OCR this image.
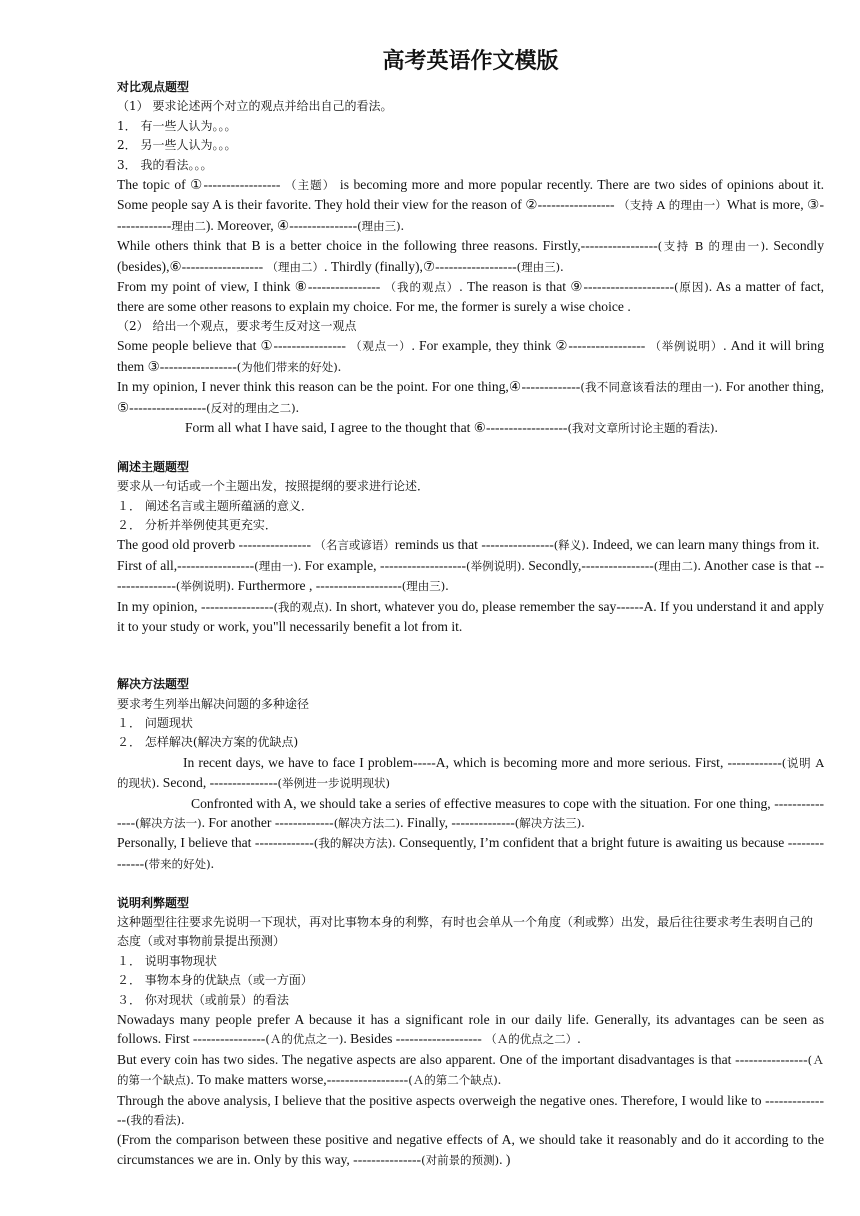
高考英语作文模版
对比观点题型
（1） 要求论述两个对立的观点并给出自己的看法。
1． 有一些人认为。。。
2． 另一些人认为。。。
3． 我的看法。。。
The topic of ①----------------- （主题） is becoming more and more popular recently. There are two sides of opinions about it. Some people say A is their favorite. They hold their view for the reason of ②----------------- （支持 A 的理由一）What is more, ③-------------理由二). Moreover, ④---------------(理由三).
While others think that B is a better choice in the following three reasons. Firstly,-----------------(支持 B 的理由一). Secondly (besides),⑥------------------ （理由二）. Thirdly (finally),⑦------------------(理由三).
From my point of view, I think ⑧---------------- （我的观点）. The reason is that ⑨--------------------(原因). As a matter of fact, there are some other reasons to explain my choice. For me, the former is surely a wise choice .
（2） 给出一个观点，要求考生反对这一观点
Some people believe that ①---------------- （观点一）. For example, they think ②----------------- （举例说明）. And it will bring them ③-----------------(为他们带来的好处).
In my opinion, I never think this reason can be the point. For one thing,④-------------(我不同意该看法的理由一). For another thing, ⑤-----------------(反对的理由之二).
Form all what I have said, I agree to the thought that ⑥------------------(我对文章所讨论主题的看法).
阐述主题题型
要求从一句话或一个主题出发，按照提纲的要求进行论述．
１． 阐述名言或主题所蕴涵的意义．
２． 分析并举例使其更充实．
The good old proverb ---------------- （名言或谚语）reminds us that ----------------(释义). Indeed, we can learn many things from it.
First of all,-----------------(理由一). For example, -------------------(举例说明). Secondly,----------------(理由二). Another case is that ---------------(举例说明). Furthermore , -------------------(理由三).
In my opinion, ----------------(我的观点). In short, whatever you do, please remember the say------A. If you understand it and apply it to your study or work, you"ll necessarily benefit a lot from it.
解决方法题型
要求考生列举出解决问题的多种途径
１． 问题现状
２． 怎样解决(解决方案的优缺点)
In recent days, we have to face I problem-----A, which is becoming more and more serious. First, ------------(说明 A 的现状). Second, ---------------(举例进一步说明现状)
Confronted with A, we should take a series of effective measures to cope with the situation. For one thing, ---------------(解决方法一). For another -------------(解决方法二). Finally, --------------(解决方法三).
Personally, I believe that -------------(我的解决方法). Consequently, I’m confident that a bright future is awaiting us because --------------(带来的好处).
说明利弊题型
这种题型往往要求先说明一下现状，再对比事物本身的利弊，有时也会单从一个角度（利或弊）出发，最后往往要求考生表明自己的态度（或对事物前景提出预测）
１． 说明事物现状
２． 事物本身的优缺点（或一方面）
３． 你对现状（或前景）的看法
Nowadays many people prefer A because it has a significant role in our daily life. Generally, its advantages can be seen as follows. First ----------------(Ａ的优点之一). Besides ------------------- （Ａ的优点之二）.
But every coin has two sides. The negative aspects are also apparent. One of the important disadvantages is that ----------------(Ａ的第一个缺点). To make matters worse,------------------(Ａ的第二个缺点).
Through the above analysis, I believe that the positive aspects overweigh the negative ones. Therefore, I would like to ---------------(我的看法).
(From the comparison between these positive and negative effects of A, we should take it reasonably and do it according to the circumstances we are in. Only by this way, ---------------(对前景的预测). )
